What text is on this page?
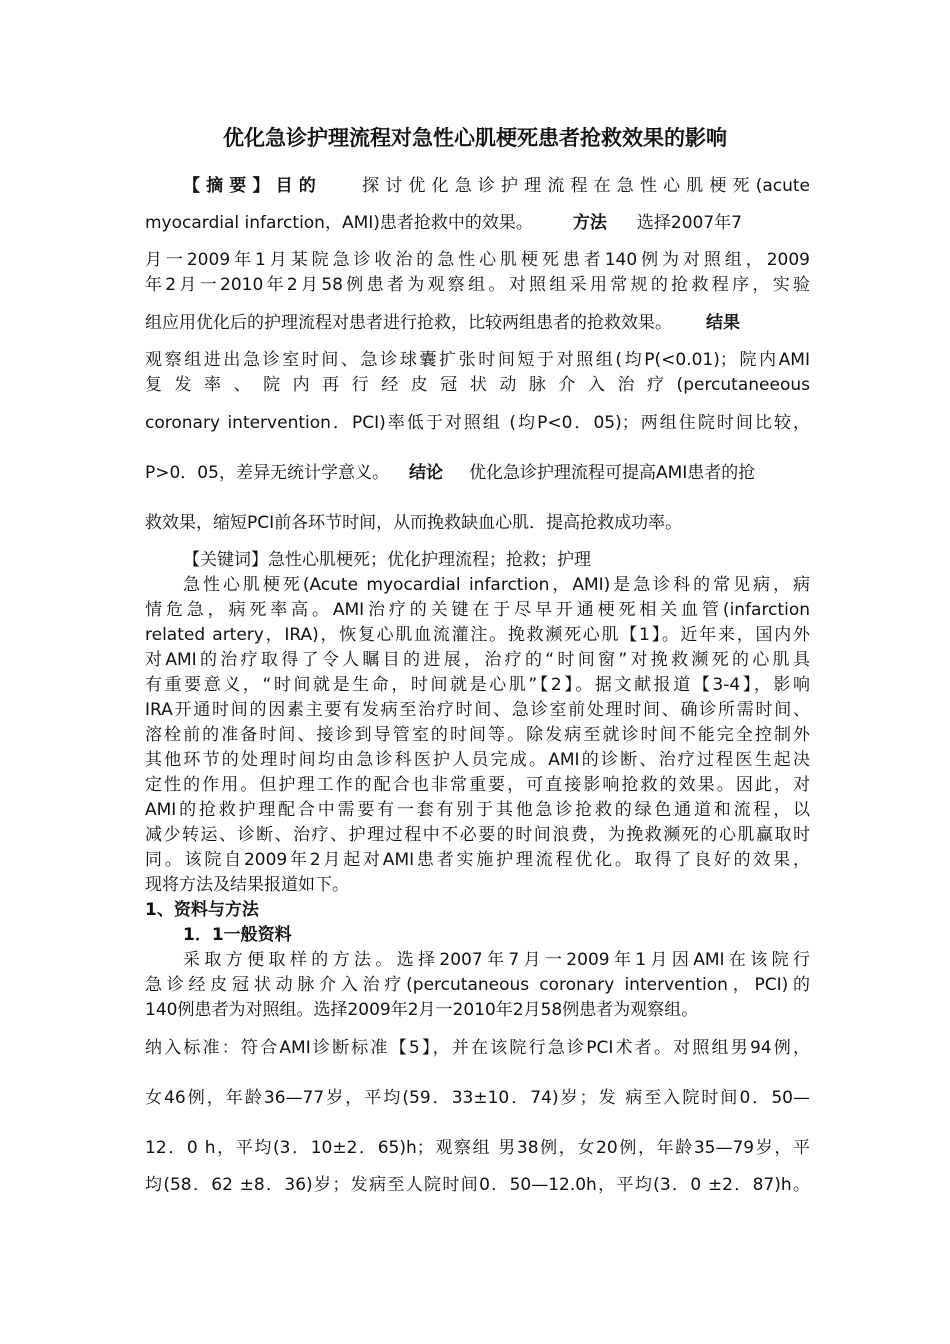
优化急诊护理流程对急性心肌梗死患者抢救效果的影响
【摘要】目的 探讨优化急诊护理流程在急性心肌梗死(acute
myocardial infarction，AMI)患者抢救中的效果。 方法 选择2007年7
月一2009年1月某院急诊收治的急性心肌梗死患者140例为对照组，2009
年2月一2010年2月58例患者为观察组。对照组采用常规的抢救程序，实验
组应用优化后的护理流程对患者进行抢救，比较两组患者的抢救效果。 结果
观察组进出急诊室时间、急诊球囊扩张时间短于对照组(均P(<0.01)；院内AMI
复发率、院内再行经皮冠状动脉介入治疗(percutaneeous
coronary intervention．PCI)率低于对照组 (均P<0．05)；两组住院时间比较，
P>0．05，差异无统计学意义。 结论 优化急诊护理流程可提高AMI患者的抢
救效果，缩短PCI前各环节时间，从而挽救缺血心肌．提高抢救成功率。
【关键词】急性心肌梗死；优化护理流程；抢救；护理
急性心肌梗死(Acute myocardial infarction，AMI)是急诊科的常见病，病
情危急，病死率高。AMI治疗的关键在于尽早开通梗死相关血管(infarction
related artery，IRA)，恢复心肌血流灌注。挽救濒死心肌【1】。近年来，国内外
对AMI的治疗取得了令人瞩目的进展，治疗的“时间窗”对挽救濒死的心肌具
有重要意义，“时间就是生命，时间就是心肌”【2】。据文献报道【3-4】，影响
IRA开通时间的因素主要有发病至治疗时间、急诊室前处理时间、确诊所需时间、
溶栓前的准备时间、接诊到导管室的时间等。除发病至就诊时间不能完全控制外
其他环节的处理时间均由急诊科医护人员完成。AMI的诊断、治疗过程医生起决
定性的作用。但护理工作的配合也非常重要，可直接影响抢救的效果。因此，对
AMI的抢救护理配合中需要有一套有别于其他急诊抢救的绿色通道和流程，以
减少转运、诊断、治疗、护理过程中不必要的时间浪费，为挽救濒死的心肌赢取时
同。该院自2009年2月起对AMI患者实施护理流程优化。取得了良好的效果，
现将方法及结果报道如下。
1、资料与方法
1．1一般资料
采取方便取样的方法。选择2007年7月一2009年1月因AMI在该院行
急诊经皮冠状动脉介入治疗(percutaneous coronary intervention，PCI)的
140例患者为对照组。选择2009年2月一2010年2月58例患者为观察组。
纳入标准：符合AMI诊断标准【5】，并在该院行急诊PCI术者。对照组男94例，
女46例，年龄36—77岁，平均(59．33±10．74)岁；发 病至入院时间0．50—
12．0 h，平均(3．10±2．65)h；观察组 男38例，女20例，年龄35—79岁，平
均(58．62 ±8．36)岁；发病至人院时间0．50—12.0h，平均(3．0 ±2．87)h。
